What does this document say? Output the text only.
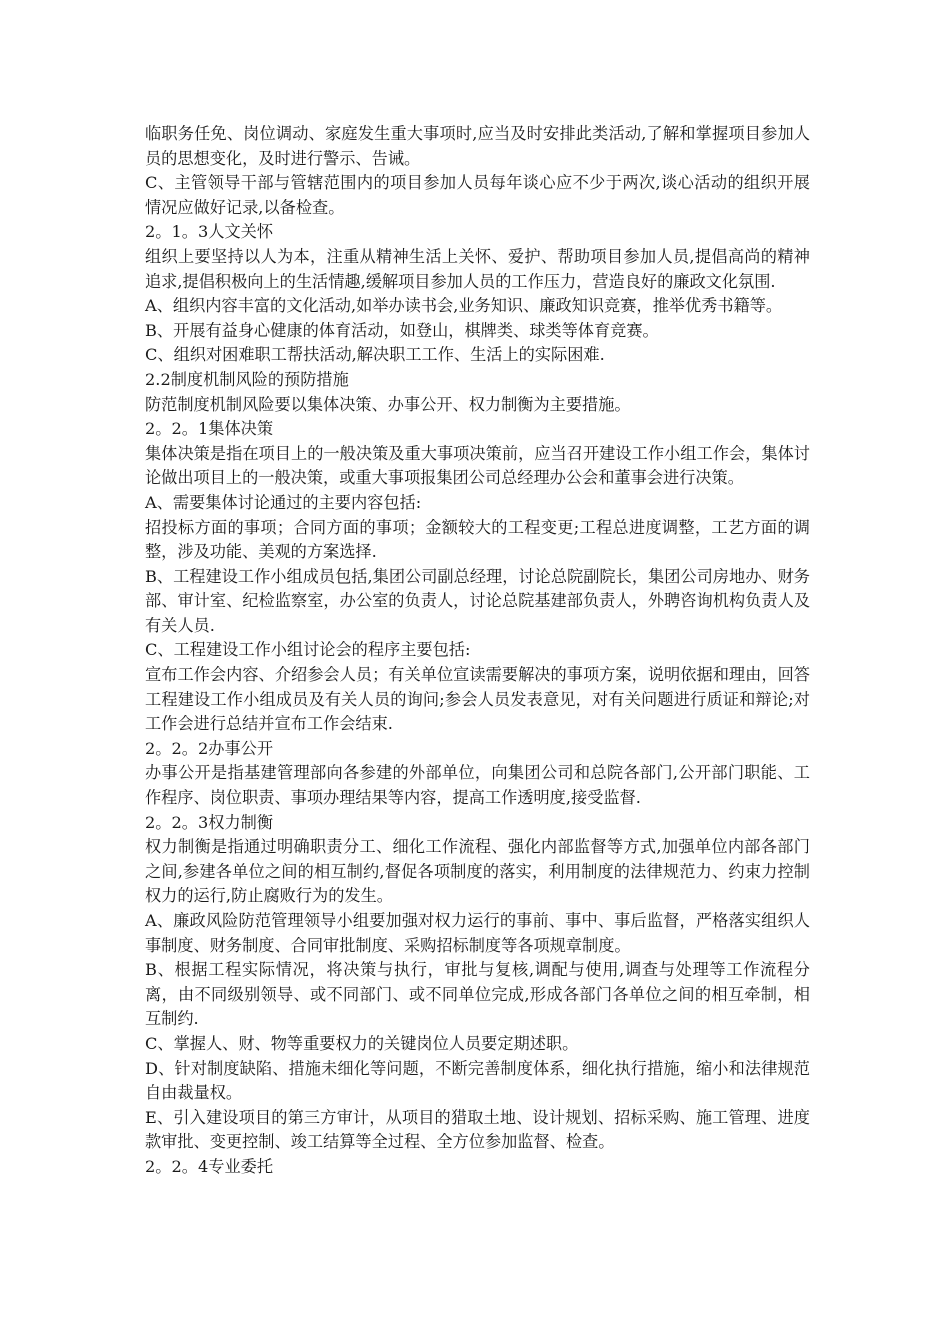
临职务任免、岗位调动、家庭发生重大事项时,应当及时安排此类活动,了解和掌握项目参加人员的思想变化，及时进行警示、告诫。

C、主管领导干部与管辖范围内的项目参加人员每年谈心应不少于两次,谈心活动的组织开展情况应做好记录,以备检查。

2。1。3人文关怀

组织上要坚持以人为本，注重从精神生活上关怀、爱护、帮助项目参加人员,提倡高尚的精神追求,提倡积极向上的生活情趣,缓解项目参加人员的工作压力，营造良好的廉政文化氛围.

A、组织内容丰富的文化活动,如举办读书会,业务知识、廉政知识竞赛，推举优秀书籍等。

B、开展有益身心健康的体育活动，如登山，棋牌类、球类等体育竞赛。

C、组织对困难职工帮扶活动,解决职工工作、生活上的实际困难.

2.2制度机制风险的预防措施

防范制度机制风险要以集体决策、办事公开、权力制衡为主要措施。

2。2。1集体决策

集体决策是指在项目上的一般决策及重大事项决策前，应当召开建设工作小组工作会，集体讨论做出项目上的一般决策，或重大事项报集团公司总经理办公会和董事会进行决策。

A、需要集体讨论通过的主要内容包括:

招投标方面的事项；合同方面的事项；金额较大的工程变更;工程总进度调整，工艺方面的调整，涉及功能、美观的方案选择.

B、工程建设工作小组成员包括,集团公司副总经理，讨论总院副院长，集团公司房地办、财务部、审计室、纪检监察室，办公室的负责人，讨论总院基建部负责人，外聘咨询机构负责人及有关人员.

C、工程建设工作小组讨论会的程序主要包括:

宣布工作会内容、介绍参会人员；有关单位宣读需要解决的事项方案，说明依据和理由，回答工程建设工作小组成员及有关人员的询问;参会人员发表意见，对有关问题进行质证和辩论;对工作会进行总结并宣布工作会结束.

2。2。2办事公开

办事公开是指基建管理部向各参建的外部单位，向集团公司和总院各部门,公开部门职能、工作程序、岗位职责、事项办理结果等内容，提高工作透明度,接受监督.

2。2。3权力制衡

权力制衡是指通过明确职责分工、细化工作流程、强化内部监督等方式,加强单位内部各部门之间,参建各单位之间的相互制约,督促各项制度的落实，利用制度的法律规范力、约束力控制权力的运行,防止腐败行为的发生。

A、廉政风险防范管理领导小组要加强对权力运行的事前、事中、事后监督，严格落实组织人事制度、财务制度、合同审批制度、采购招标制度等各项规章制度。

B、根据工程实际情况，将决策与执行，审批与复核,调配与使用,调查与处理等工作流程分离，由不同级别领导、或不同部门、或不同单位完成,形成各部门各单位之间的相互牵制，相互制约.

C、掌握人、财、物等重要权力的关键岗位人员要定期述职。

D、针对制度缺陷、措施未细化等问题，不断完善制度体系，细化执行措施，缩小和法律规范自由裁量权。

E、引入建设项目的第三方审计，从项目的猎取土地、设计规划、招标采购、施工管理、进度款审批、变更控制、竣工结算等全过程、全方位参加监督、检查。

2。2。4专业委托
